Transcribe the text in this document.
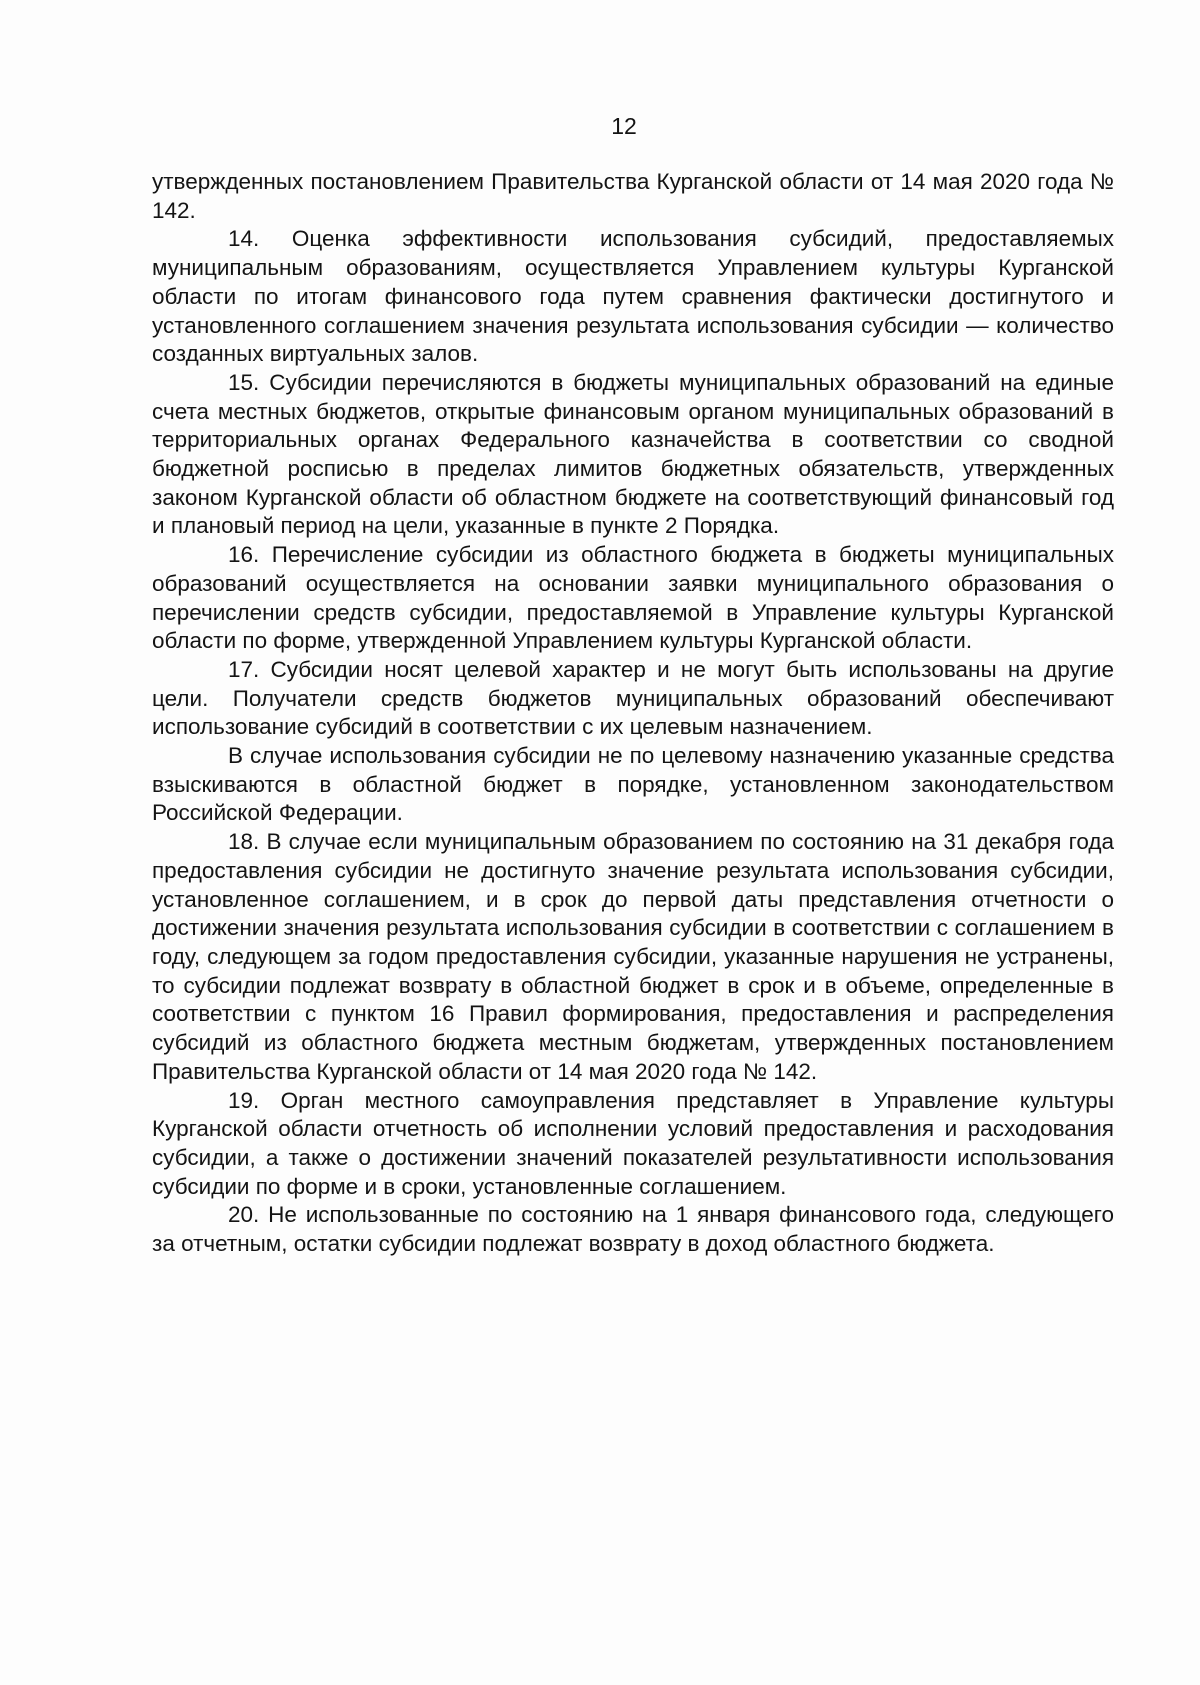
12

утвержденных постановлением Правительства Курганской области от 14 мая 2020 года № 142.

14. Оценка эффективности использования субсидий, предоставляемых муниципальным образованиям, осуществляется Управлением культуры Курганской области по итогам финансового года путем сравнения фактически достигнутого и установленного соглашением значения результата использования субсидии — количество созданных виртуальных залов.

15. Субсидии перечисляются в бюджеты муниципальных образований на единые счета местных бюджетов, открытые финансовым органом муниципальных образований в территориальных органах Федерального казначейства в соответствии со сводной бюджетной росписью в пределах лимитов бюджетных обязательств, утвержденных законом Курганской области об областном бюджете на соответствующий финансовый год и плановый период на цели, указанные в пункте 2 Порядка.

16. Перечисление субсидии из областного бюджета в бюджеты муниципальных образований осуществляется на основании заявки муниципального образования о перечислении средств субсидии, предоставляемой в Управление культуры Курганской области по форме, утвержденной Управлением культуры Курганской области.

17. Субсидии носят целевой характер и не могут быть использованы на другие цели. Получатели средств бюджетов муниципальных образований обеспечивают использование субсидий в соответствии с их целевым назначением.

В случае использования субсидии не по целевому назначению указанные средства взыскиваются в областной бюджет в порядке, установленном законодательством Российской Федерации.

18. В случае если муниципальным образованием по состоянию на 31 декабря года предоставления субсидии не достигнуто значение результата использования субсидии, установленное соглашением, и в срок до первой даты представления отчетности о достижении значения результата использования субсидии в соответствии с соглашением в году, следующем за годом предоставления субсидии, указанные нарушения не устранены, то субсидии подлежат возврату в областной бюджет в срок и в объеме, определенные в соответствии с пунктом 16 Правил формирования, предоставления и распределения субсидий из областного бюджета местным бюджетам, утвержденных постановлением Правительства Курганской области от 14 мая 2020 года № 142.

19. Орган местного самоуправления представляет в Управление культуры Курганской области отчетность об исполнении условий предоставления и расходования субсидии, а также о достижении значений показателей результативности использования субсидии по форме и в сроки, установленные соглашением.

20. Не использованные по состоянию на 1 января финансового года, следующего за отчетным, остатки субсидии подлежат возврату в доход областного бюджета.
